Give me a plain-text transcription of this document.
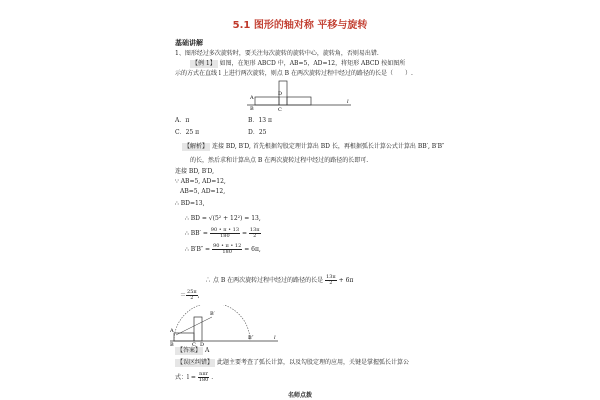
5.1 图形的轴对称 平移与旋转
基础讲解
1、图形经过多次旋转时，要关注每次旋转的旋转中心，旋转角，否则易出错.
【例 1】 如图，在矩形 ABCD 中，AB=5，AD=12，将矩形 ABCD 按如图所
示的方式在直线 l 上进行两次旋转，则点 B 在两次旋转过程中经过的路径的长是（　　）.
A
B	C
D
l
A．π	B．13 π
C．25 π	D．25
【解析】 连接 BD, B′D, 首先根据勾股定理计算出 BD 长，再根据弧长计算公式计算出 BB′, B′B″
的长，然后求和计算出点 B 在两次旋转过程中经过的路径的长即可.
连接 BD, B′D,
∵ AB=5, AD=12,
AB=5, AD=12,
∴ BD=13,
∴ BD = √(5² + 12²) = 13,
∴ $BB' = \frac{90 • \pi • 13}{180} = \frac{13\pi}{2}$
∴ $B'B'' = \frac{90 • \pi • 12}{180} = 6\pi$,
∴ 点 B 在两次旋转过程中经过的路径的长是 $\frac{13\pi}{2} + 6\pi$
＝ $\frac{25\pi}{2}$ ,
A
B	C D
B′
B″	l
【答案】 A
【误区纠错】 此题主要考查了弧长计算，以及勾股定理的应用，关键是掌握弧长计算公
式：$l = \frac{\text{nπr}}{180}$ .
名师点拨
